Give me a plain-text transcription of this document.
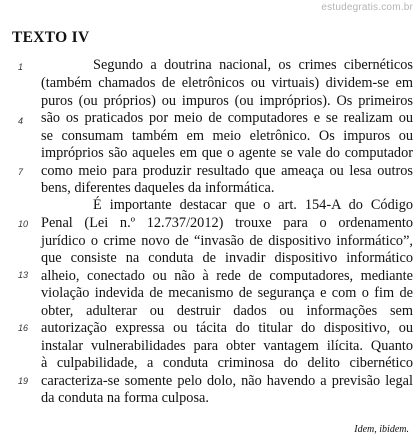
estudegratis.com.br
TEXTO IV
1
4
7
10
13
16
19
Segundo a doutrina nacional, os crimes cibernéticos
(também chamados de eletrônicos ou virtuais) dividem-se em
puros (ou próprios) ou impuros (ou impróprios). Os primeiros
são os praticados por meio de computadores e se realizam ou
se consumam também em meio eletrônico. Os impuros ou
impróprios são aqueles em que o agente se vale do computador
como meio para produzir resultado que ameaça ou lesa outros
bens, diferentes daqueles da informática.
É importante destacar que o art. 154-A do Código
Penal (Lei n.º 12.737/2012) trouxe para o ordenamento
jurídico o crime novo de “invasão de dispositivo informático”,
que consiste na conduta de invadir dispositivo informático
alheio, conectado ou não à rede de computadores, mediante
violação indevida de mecanismo de segurança e com o fim de
obter, adulterar ou destruir dados ou informações sem
autorização expressa ou tácita do titular do dispositivo, ou
instalar vulnerabilidades para obter vantagem ilícita. Quanto
à culpabilidade, a conduta criminosa do delito cibernético
caracteriza-se somente pelo dolo, não havendo a previsão legal
da conduta na forma culposa.
Idem, ibidem.
